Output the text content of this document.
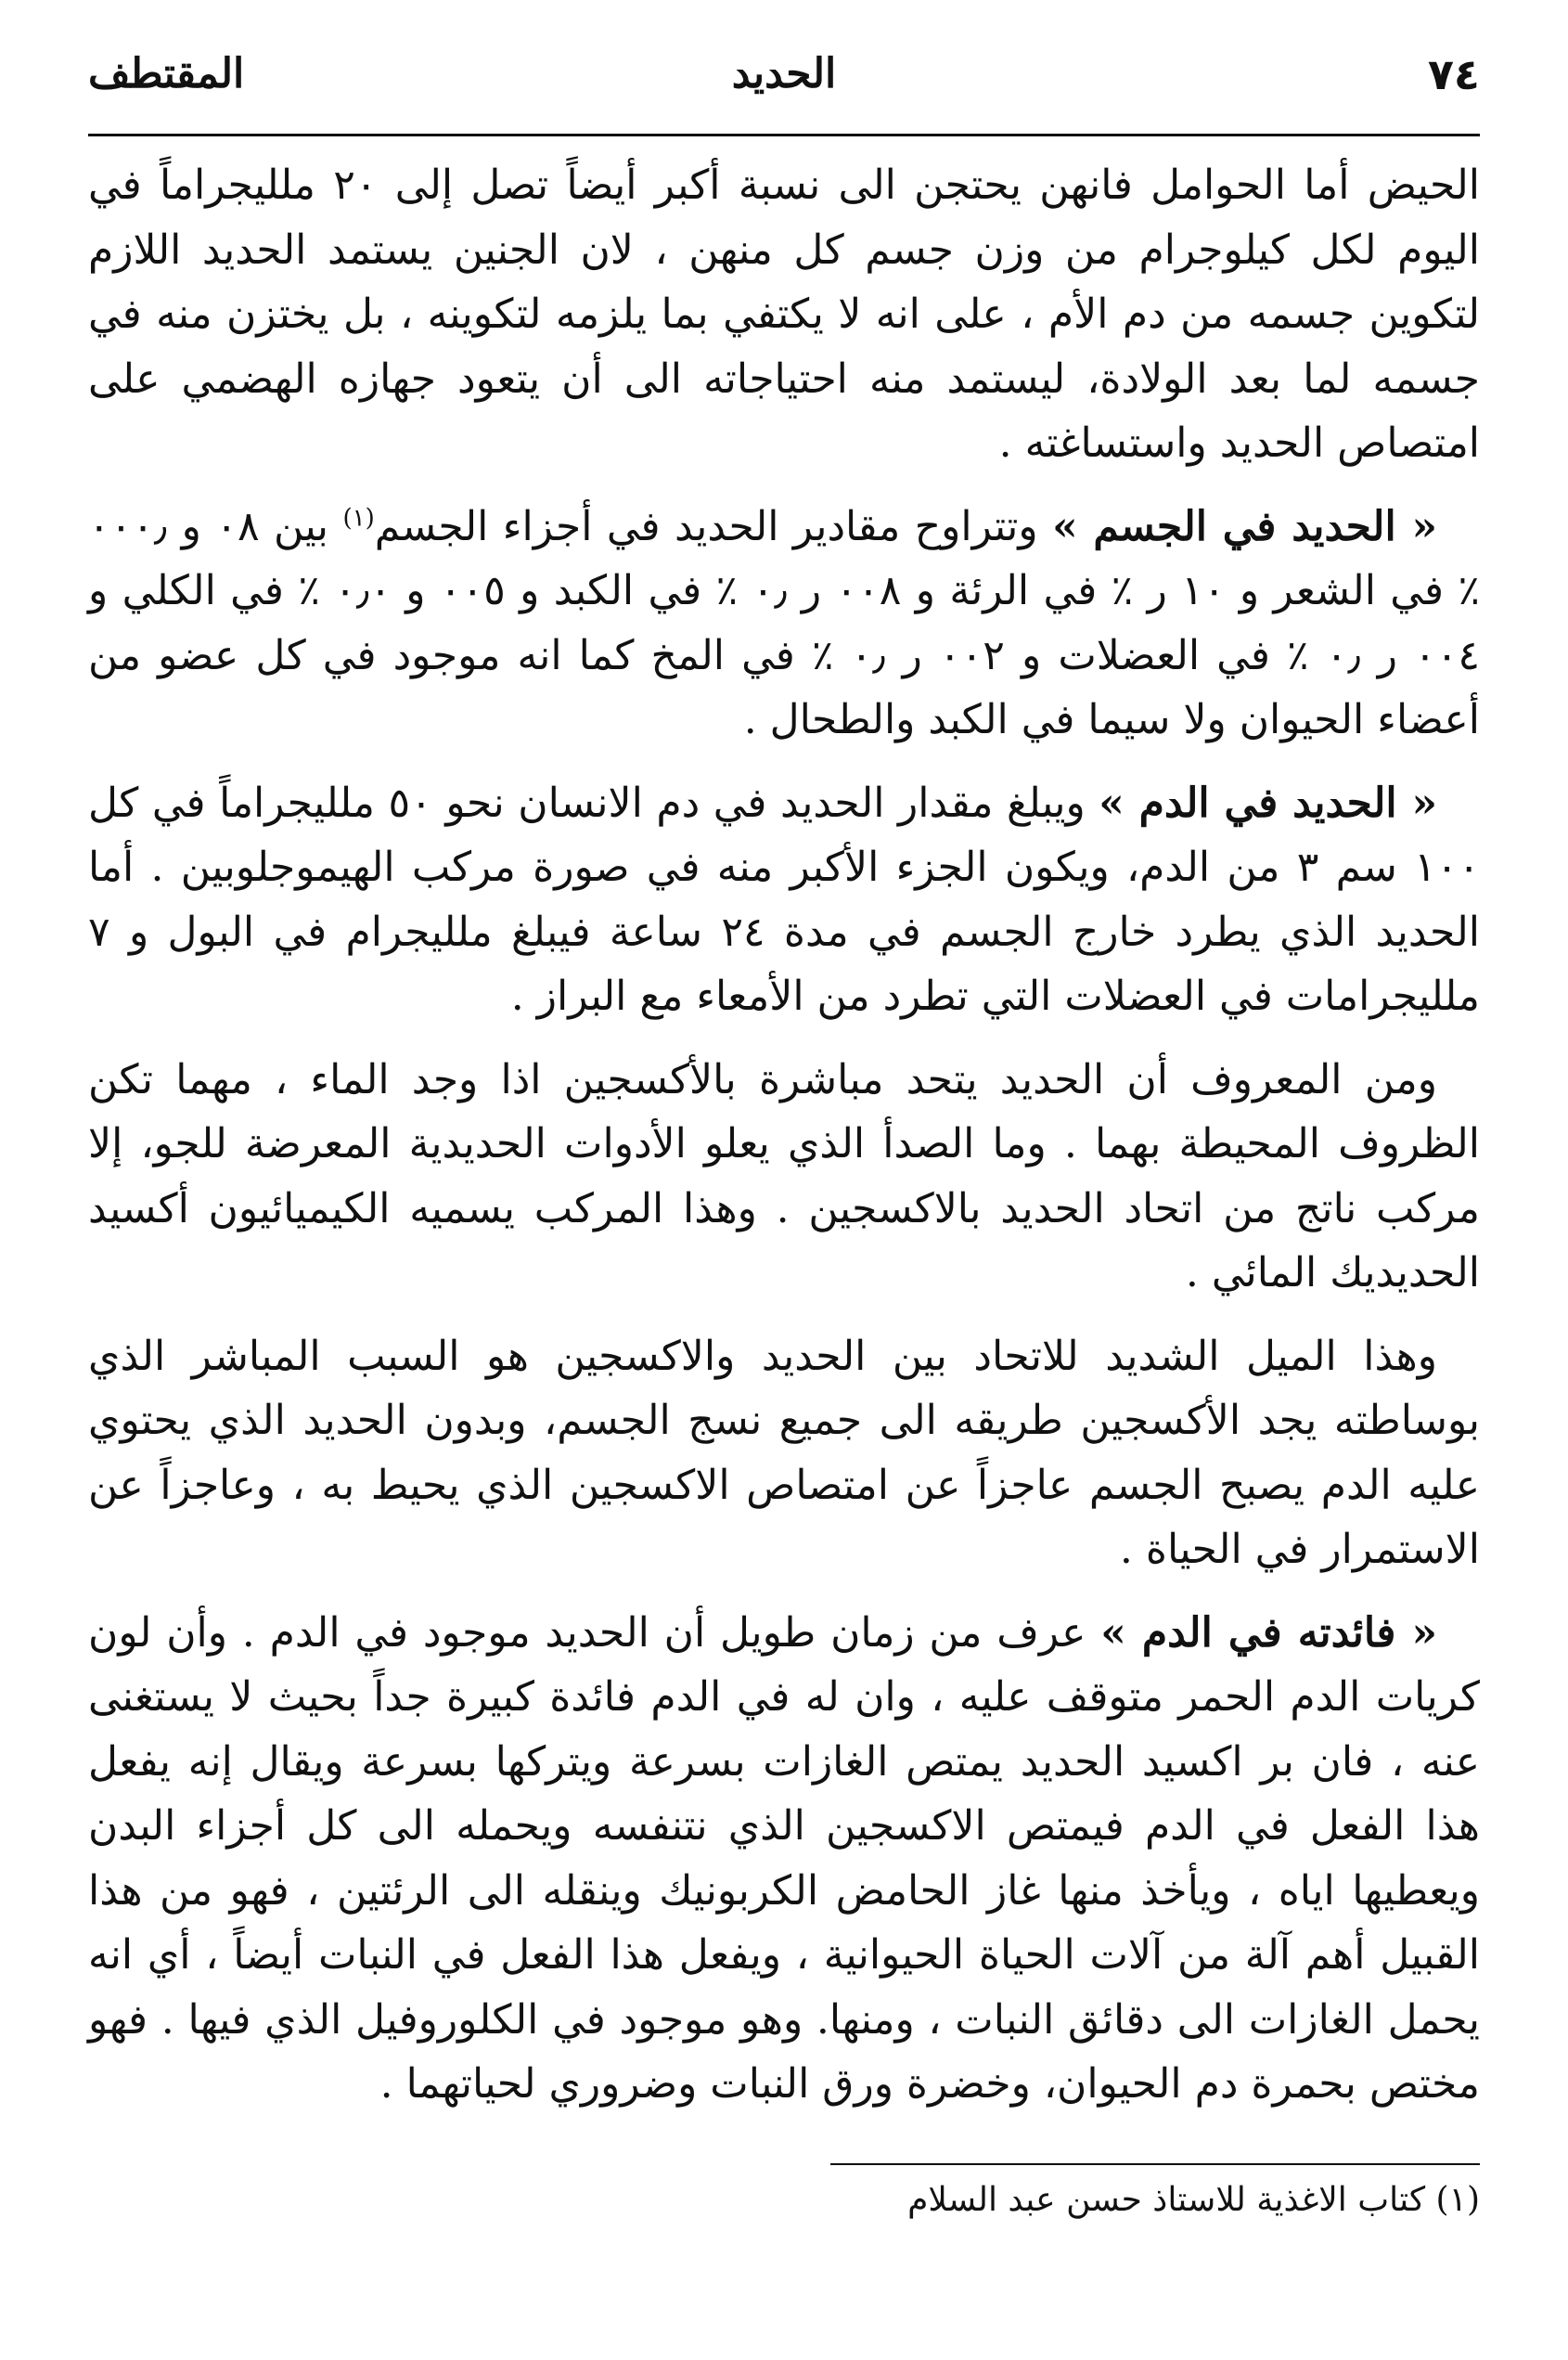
٧٤
الحديد
المقتطف

الحيض أما الحوامل فانهن يحتجن الى نسبة أكبر أيضاً تصل إلى ٢٠ ملليجراماً في اليوم لكل كيلوجرام من وزن جسم كل منهن ، لان الجنين يستمد الحديد اللازم لتكوين جسمه من دم الأم ، على انه لا يكتفي بما يلزمه لتكوينه ، بل يختزن منه في جسمه لما بعد الولادة، ليستمد منه احتياجاته الى أن يتعود جهازه الهضمي على امتصاص الحديد واستساغته .

« الحديد في الجسم » وتتراوح مقادير الحديد في أجزاء الجسم$^{(١)}$ بين ٠٨ و ٠٠٠٫ ٪ في الشعر و ١٠ ر ٪ في الرئة و ٠٠٨ ر ٠٫ ٪ في الكبد و ٠٠٥ و ٠٫٠ ٪ في الكلي و ٠٠٤ ر ٠٫ ٪ في العضلات و ٠٠٢ ر ٠٫ ٪ في المخ كما انه موجود في كل عضو من أعضاء الحيوان ولا سيما في الكبد والطحال .

« الحديد في الدم » ويبلغ مقدار الحديد في دم الانسان نحو ٥٠ ملليجراماً في كل ١٠٠ سم ٣ من الدم، ويكون الجزء الأكبر منه في صورة مركب الهيموجلوبين . أما الحديد الذي يطرد خارج الجسم في مدة ٢٤ ساعة فيبلغ ملليجرام في البول و ٧ ملليجرامات في العضلات التي تطرد من الأمعاء مع البراز .

ومن المعروف أن الحديد يتحد مباشرة بالأكسجين اذا وجد الماء ، مهما تكن الظروف المحيطة بهما . وما الصدأ الذي يعلو الأدوات الحديدية المعرضة للجو، إلا مركب ناتج من اتحاد الحديد بالاكسجين . وهذا المركب يسميه الكيميائيون أكسيد الحديديك المائي .

وهذا الميل الشديد للاتحاد بين الحديد والاكسجين هو السبب المباشر الذي بوساطته يجد الأكسجين طريقه الى جميع نسج الجسم، وبدون الحديد الذي يحتوي عليه الدم يصبح الجسم عاجزاً عن امتصاص الاكسجين الذي يحيط به ، وعاجزاً عن الاستمرار في الحياة .

« فائدته في الدم » عرف من زمان طويل أن الحديد موجود في الدم . وأن لون كريات الدم الحمر متوقف عليه ، وان له في الدم فائدة كبيرة جداً بحيث لا يستغنى عنه ، فان بر اكسيد الحديد يمتص الغازات بسرعة ويتركها بسرعة ويقال إنه يفعل هذا الفعل في الدم فيمتص الاكسجين الذي نتنفسه ويحمله الى كل أجزاء البدن ويعطيها اياه ، ويأخذ منها غاز الحامض الكربونيك وينقله الى الرئتين ، فهو من هذا القبيل أهم آلة من آلات الحياة الحيوانية ، ويفعل هذا الفعل في النبات أيضاً ، أي انه يحمل الغازات الى دقائق النبات ، ومنها. وهو موجود في الكلوروفيل الذي فيها . فهو مختص بحمرة دم الحيوان، وخضرة ورق النبات وضروري لحياتهما .

(١) كتاب الاغذية للاستاذ حسن عبد السلام
